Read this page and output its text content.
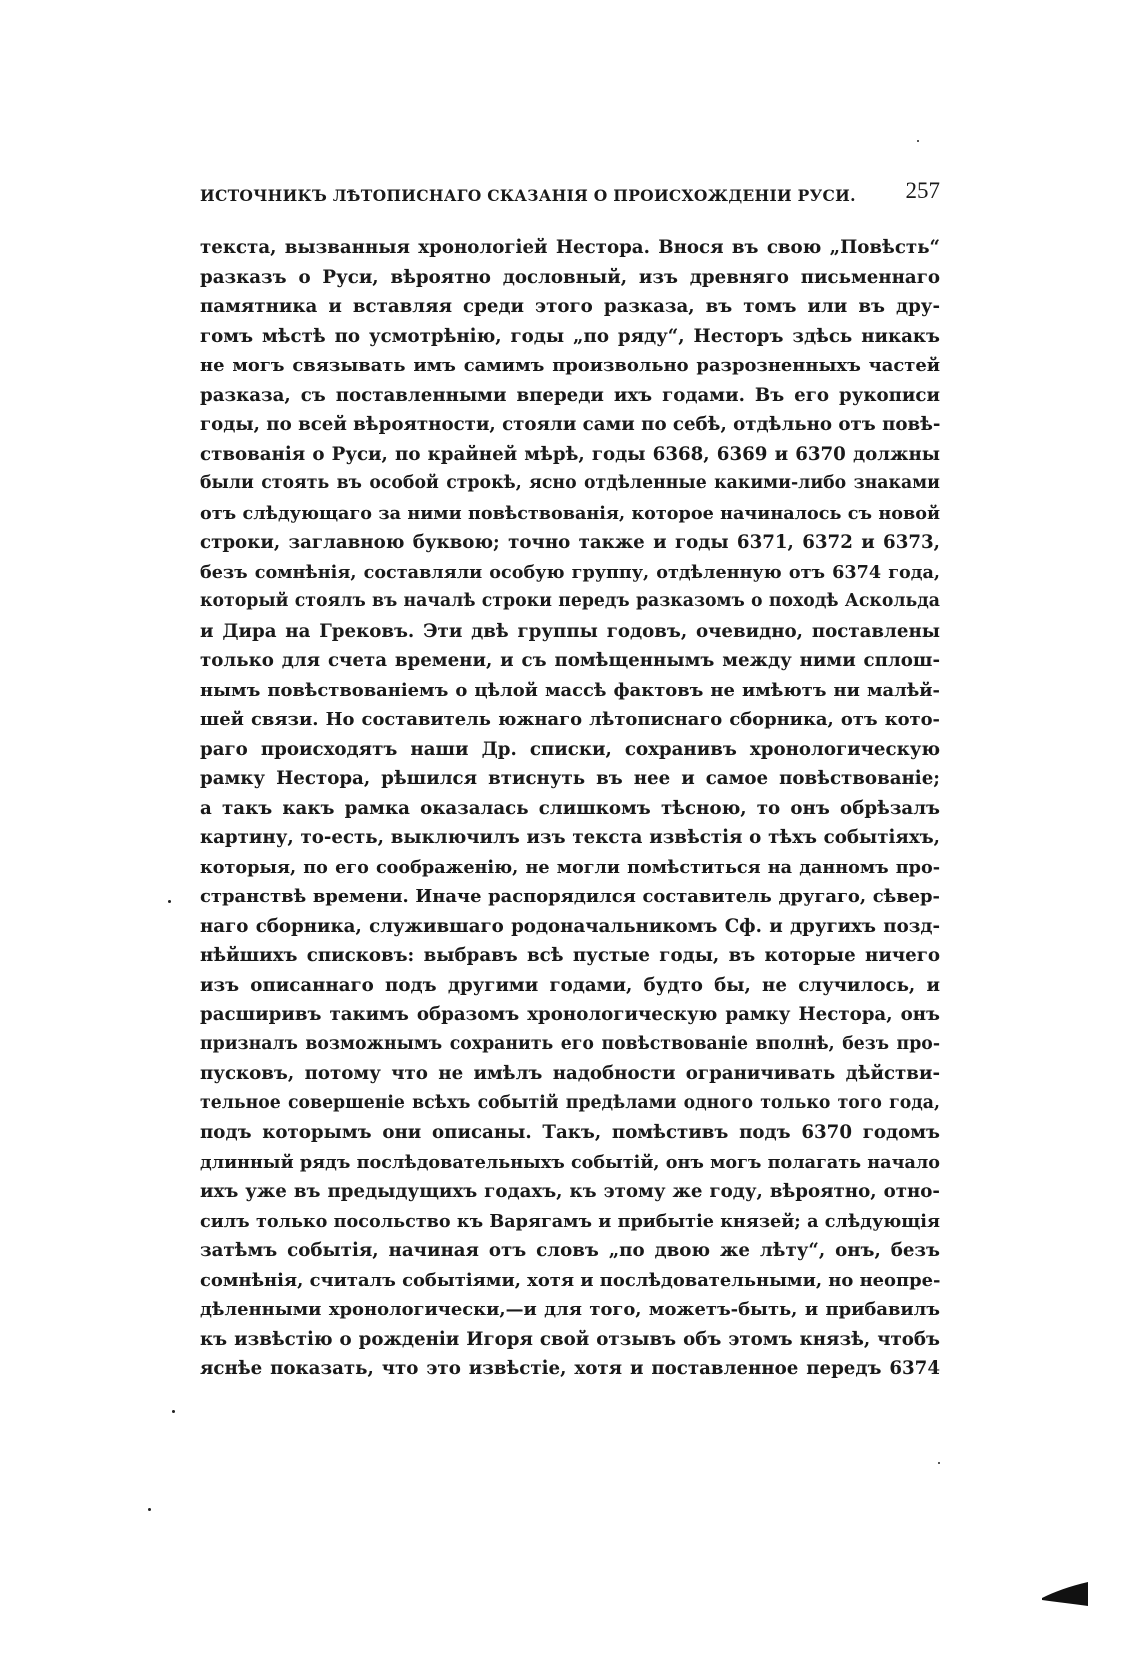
ИСТОЧНИКЪ ЛѢТОПИСНАГО СКАЗАНІЯ О ПРОИСХОЖДЕНІИ РУСИ. 257
текста, вызванныя хронологіей Нестора. Внося въ свою „Повѣсть“
разказъ о Руси, вѣроятно дословный, изъ древняго письменнаго
памятника и вставляя среди этого разказа, въ томъ или въ дру-
гомъ мѣстѣ по усмотрѣнію, годы „по ряду“, Несторъ здѣсь никакъ
не могъ связывать имъ самимъ произвольно разрозненныхъ частей
разказа, съ поставленными впереди ихъ годами. Въ его рукописи
годы, по всей вѣроятности, стояли сами по себѣ, отдѣльно отъ повѣ-
ствованія о Руси, по крайней мѣрѣ, годы 6368, 6369 и 6370 должны
были стоять въ особой строкѣ, ясно отдѣленные какими-либо знаками
отъ слѣдующаго за ними повѣствованія, которое начиналось съ новой
строки, заглавною буквою; точно также и годы 6371, 6372 и 6373,
безъ сомнѣнія, составляли особую группу, отдѣленную отъ 6374 года,
который стоялъ въ началѣ строки передъ разказомъ о походѣ Аскольда
и Дира на Грековъ. Эти двѣ группы годовъ, очевидно, поставлены
только для счета времени, и съ помѣщеннымъ между ними сплош-
нымъ повѣствованіемъ о цѣлой массѣ фактовъ не имѣютъ ни малѣй-
шей связи. Но составитель южнаго лѣтописнаго сборника, отъ кото-
раго происходятъ наши Др. списки, сохранивъ хронологическую
рамку Нестора, рѣшился втиснуть въ нее и самое повѣствованіе;
а такъ какъ рамка оказалась слишкомъ тѣсною, то онъ обрѣзалъ
картину, то-есть, выключилъ изъ текста извѣстія о тѣхъ событіяхъ,
которыя, по его соображенію, не могли помѣститься на данномъ про-
странствѣ времени. Иначе распорядился составитель другаго, сѣвер-
наго сборника, служившаго родоначальникомъ Сф. и другихъ позд-
нѣйшихъ списковъ: выбравъ всѣ пустые годы, въ которые ничего
изъ описаннаго подъ другими годами, будто бы, не случилось, и
расширивъ такимъ образомъ хронологическую рамку Нестора, онъ
призналъ возможнымъ сохранить его повѣствованіе вполнѣ, безъ про-
пусковъ, потому что не имѣлъ надобности ограничивать дѣйстви-
тельное совершеніе всѣхъ событій предѣлами одного только того года,
подъ которымъ они описаны. Такъ, помѣстивъ подъ 6370 годомъ
длинный рядъ послѣдовательныхъ событій, онъ могъ полагать начало
ихъ уже въ предыдущихъ годахъ, къ этому же году, вѣроятно, отно-
силъ только посольство къ Варягамъ и прибытіе князей; а слѣдующія
затѣмъ событія, начиная отъ словъ „по двою же лѣту“, онъ, безъ
сомнѣнія, считалъ событіями, хотя и послѣдовательными, но неопре-
дѣленными хронологически,—и для того, можетъ-быть, и прибавилъ
къ извѣстію о рожденіи Игоря свой отзывъ объ этомъ князѣ, чтобъ
яснѣе показать, что это извѣстіе, хотя и поставленное передъ 6374
